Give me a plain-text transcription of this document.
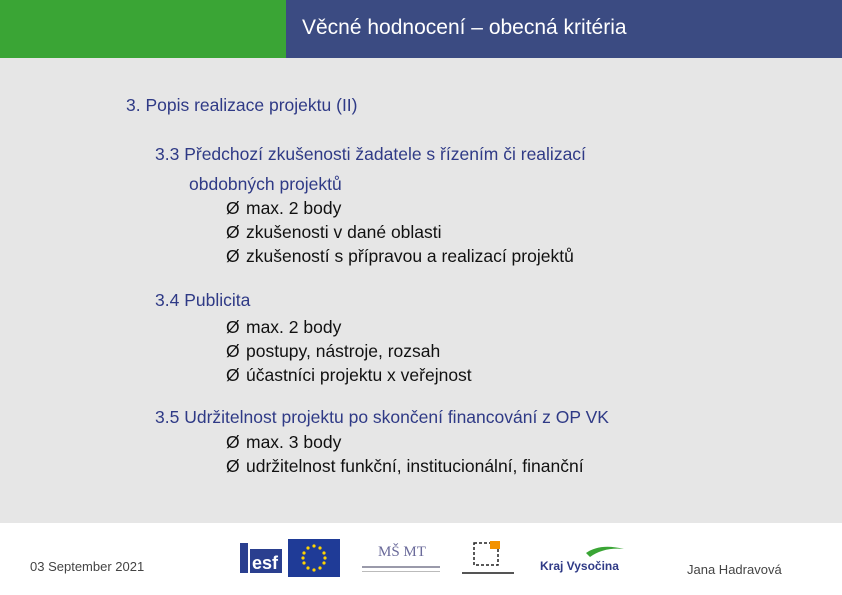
Věcné hodnocení – obecná kritéria
3. Popis realizace projektu (II)
3.3 Předchozí zkušenosti žadatele s řízením či realizací
obdobných projektů
Ø max. 2 body
Ø zkušenosti v dané oblasti
Ø zkušeností s přípravou a realizací projektů
3.4 Publicita
Ø max. 2 body
Ø postupy, nástroje, rozsah
Ø účastníci projektu x veřejnost
3.5 Udržitelnost projektu po skončení financování z OP VK
Ø max. 3 body
Ø udržitelnost funkční, institucionální, finanční
03 September 2021	Jana Hadravová
esf
MŠ MT
Kraj Vysočina
